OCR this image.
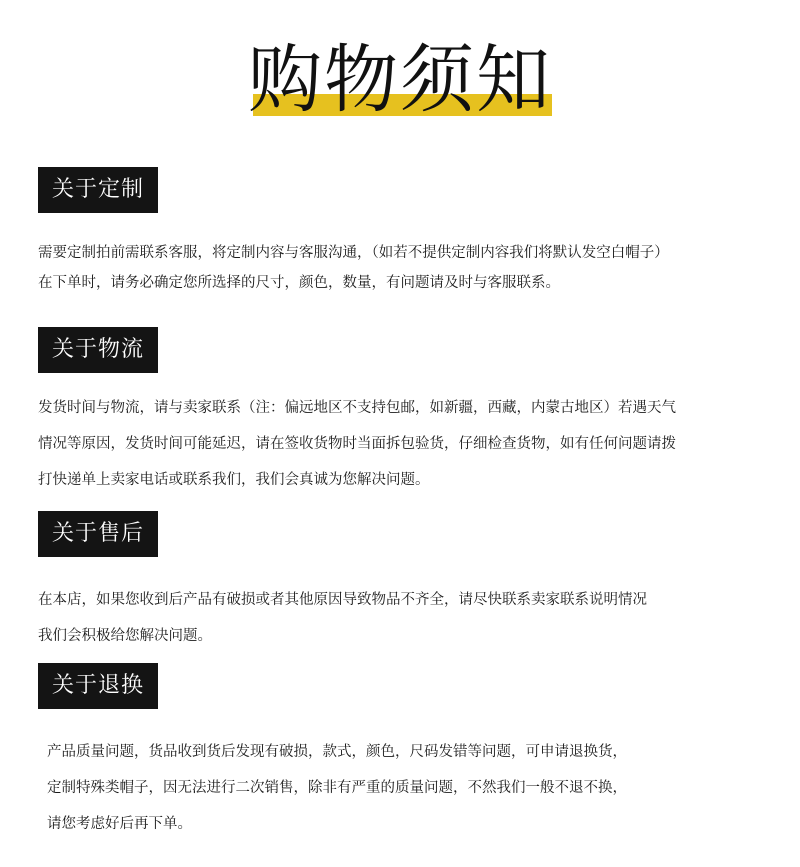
购物须知
关于定制
需要定制拍前需联系客服，将定制内容与客服沟通，（如若不提供定制内容我们将默认发空白帽子）
在下单时，请务必确定您所选择的尺寸，颜色，数量，有问题请及时与客服联系。
关于物流
发货时间与物流，请与卖家联系（注：偏远地区不支持包邮，如新疆，西藏，内蒙古地区）若遇天气
情况等原因，发货时间可能延迟，请在签收货物时当面拆包验货，仔细检查货物，如有任何问题请拨
打快递单上卖家电话或联系我们，我们会真诚为您解决问题。
关于售后
在本店，如果您收到后产品有破损或者其他原因导致物品不齐全，请尽快联系卖家联系说明情况
我们会积极给您解决问题。
关于退换
产品质量问题，货品收到货后发现有破损，款式，颜色，尺码发错等问题，可申请退换货，
定制特殊类帽子，因无法进行二次销售，除非有严重的质量问题，不然我们一般不退不换，
请您考虑好后再下单。
